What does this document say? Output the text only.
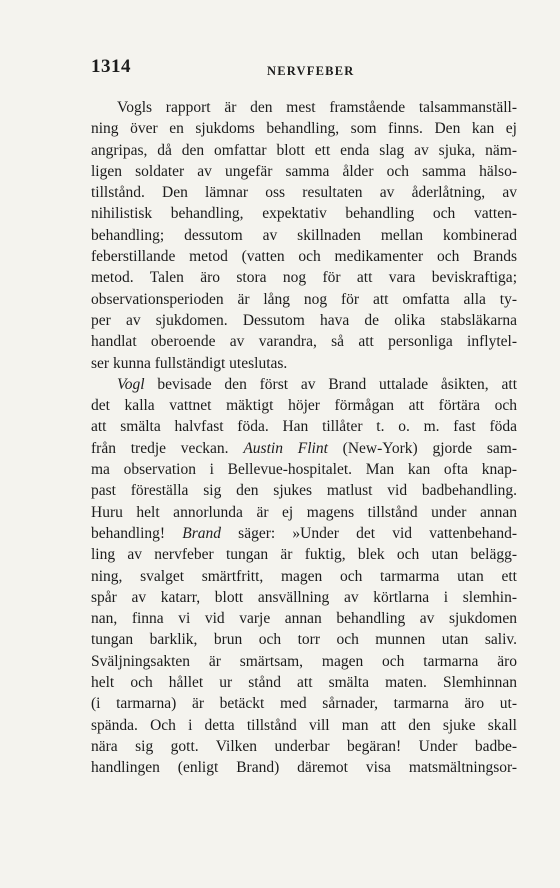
1314	NERVFEBER
Vogls rapport är den mest framstående talsammanställ-
ning över en sjukdoms behandling, som finns. Den kan ej
angripas, då den omfattar blott ett enda slag av sjuka, näm-
ligen soldater av ungefär samma ålder och samma hälso-
tillstånd. Den lämnar oss resultaten av åderlåtning, av
nihilistisk behandling, expektativ behandling och vatten-
behandling; dessutom av skillnaden mellan kombinerad
feberstillande metod (vatten och medikamenter och Brands
metod. Talen äro stora nog för att vara beviskraftiga;
observationsperioden är lång nog för att omfatta alla ty-
per av sjukdomen. Dessutom hava de olika stabsläkarna
handlat oberoende av varandra, så att personliga inflytel-
ser kunna fullständigt uteslutas.
Vogl bevisade den först av Brand uttalade åsikten, att
det kalla vattnet mäktigt höjer förmågan att förtära och
att smälta halvfast föda. Han tillåter t. o. m. fast föda
från tredje veckan. Austin Flint (New-York) gjorde sam-
ma observation i Bellevue-hospitalet. Man kan ofta knap-
past föreställa sig den sjukes matlust vid badbehandling.
Huru helt annorlunda är ej magens tillstånd under annan
behandling! Brand säger: »Under det vid vattenbehand-
ling av nervfeber tungan är fuktig, blek och utan belägg-
ning, svalget smärtfritt, magen och tarmarma utan ett
spår av katarr, blott ansvällning av körtlarna i slemhin-
nan, finna vi vid varje annan behandling av sjukdomen
tungan barklik, brun och torr och munnen utan saliv.
Sväljningsakten är smärtsam, magen och tarmarna äro
helt och hållet ur stånd att smälta maten. Slemhinnan
(i tarmarna) är betäckt med sårnader, tarmarna äro ut-
spända. Och i detta tillstånd vill man att den sjuke skall
nära sig gott. Vilken underbar begäran! Under badbe-
handlingen (enligt Brand) däremot visa matsmältningsor-
